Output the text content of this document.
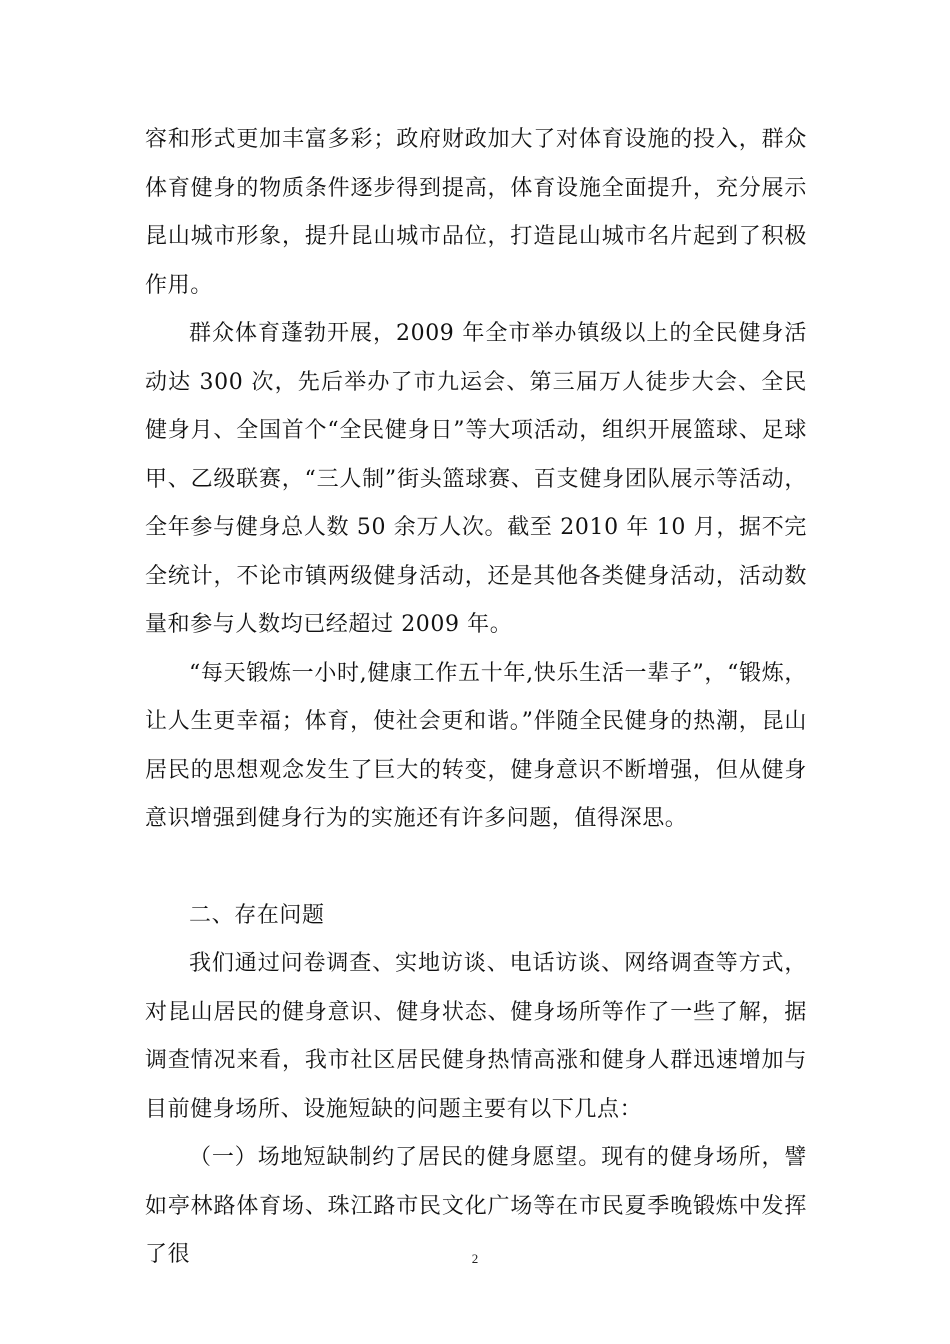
容和形式更加丰富多彩；政府财政加大了对体育设施的投入，群众体育健身的物质条件逐步得到提高，体育设施全面提升，充分展示昆山城市形象，提升昆山城市品位，打造昆山城市名片起到了积极作用。

群众体育蓬勃开展，2009 年全市举办镇级以上的全民健身活动达 300 次，先后举办了市九运会、第三届万人徒步大会、全民健身月、全国首个“全民健身日”等大项活动，组织开展篮球、足球甲、乙级联赛，“三人制”街头篮球赛、百支健身团队展示等活动，全年参与健身总人数 50 余万人次。截至 2010 年 10 月，据不完全统计，不论市镇两级健身活动，还是其他各类健身活动，活动数量和参与人数均已经超过 2009 年。

“每天锻炼一小时,健康工作五十年,快乐生活一辈子”，“锻炼，让人生更幸福；体育，使社会更和谐。”伴随全民健身的热潮，昆山居民的思想观念发生了巨大的转变，健身意识不断增强，但从健身意识增强到健身行为的实施还有许多问题，值得深思。

二、存在问题

我们通过问卷调查、实地访谈、电话访谈、网络调查等方式，对昆山居民的健身意识、健身状态、健身场所等作了一些了解，据调查情况来看，我市社区居民健身热情高涨和健身人群迅速增加与目前健身场所、设施短缺的问题主要有以下几点：

（一）场地短缺制约了居民的健身愿望。现有的健身场所，譬如亭林路体育场、珠江路市民文化广场等在市民夏季晚锻炼中发挥了很	2
